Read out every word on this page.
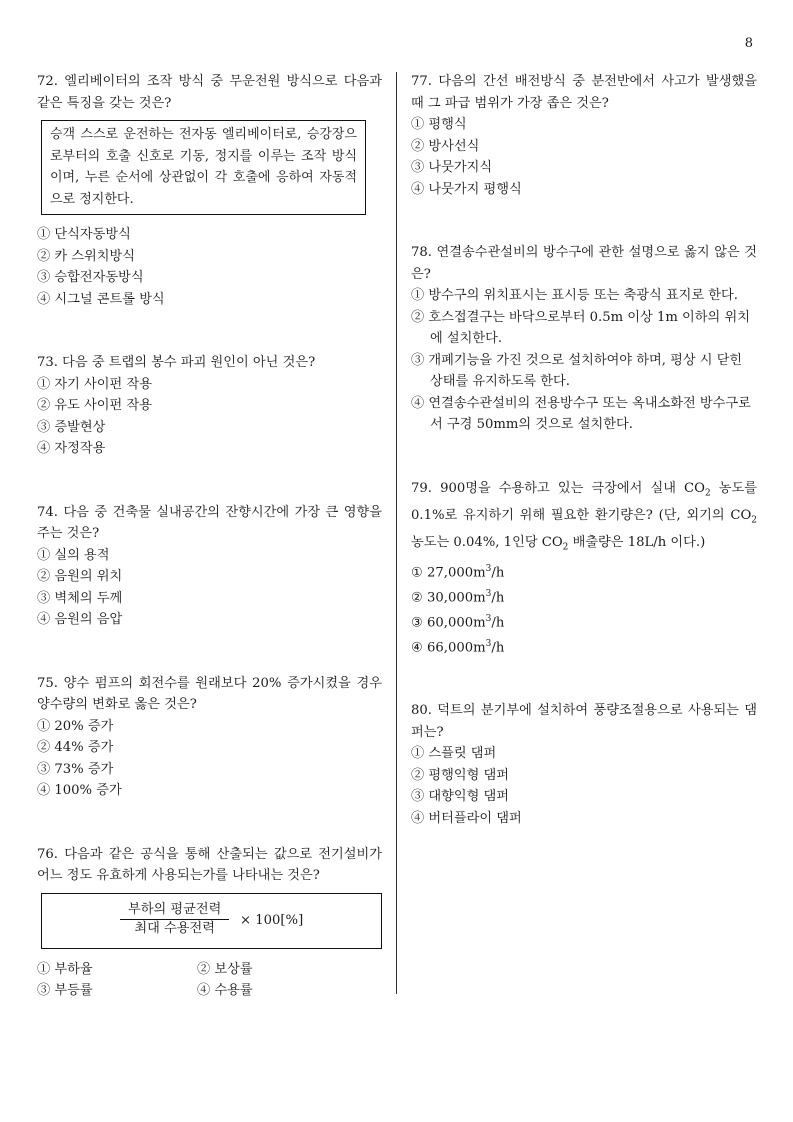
8
72. 엘리베이터의 조작 방식 중 무운전원 방식으로 다음과 같은 특징을 갖는 것은?
승객 스스로 운전하는 전자동 엘리베이터로, 승강장으로부터의 호출 신호로 기동, 정지를 이루는 조작 방식이며, 누른 순서에 상관없이 각 호출에 응하여 자동적으로 정지한다.
① 단식자동방식
② 카 스위치방식
③ 승합전자동방식
④ 시그널 콘트롤 방식
73. 다음 중 트랩의 봉수 파괴 원인이 아닌 것은?
① 자기 사이펀 작용
② 유도 사이펀 작용
③ 증발현상
④ 자정작용
74. 다음 중 건축물 실내공간의 잔향시간에 가장 큰 영향을 주는 것은?
① 실의 용적
② 음원의 위치
③ 벽체의 두께
④ 음원의 음압
75. 양수 펌프의 회전수를 원래보다 20% 증가시켰을 경우 양수량의 변화로 옳은 것은?
① 20% 증가
② 44% 증가
③ 73% 증가
④ 100% 증가
76. 다음과 같은 공식을 통해 산출되는 값으로 전기설비가 어느 정도 유효하게 사용되는가를 나타내는 것은?
부하의 평균전력
최대 수용전력
× 100[%]
① 부하율	② 보상률
③ 부등률	④ 수용률
77. 다음의 간선 배전방식 중 분전반에서 사고가 발생했을 때 그 파급 범위가 가장 좁은 것은?
① 평행식
② 방사선식
③ 나뭇가지식
④ 나뭇가지 평행식
78. 연결송수관설비의 방수구에 관한 설명으로 옳지 않은 것은?
① 방수구의 위치표시는 표시등 또는 축광식 표지로 한다.
② 호스접결구는 바닥으로부터 0.5m 이상 1m 이하의 위치에 설치한다.
③ 개폐기능을 가진 것으로 설치하여야 하며, 평상 시 닫힌 상태를 유지하도록 한다.
④ 연결송수관설비의 전용방수구 또는 옥내소화전 방수구로서 구경 50mm의 것으로 설치한다.
79. 900명을 수용하고 있는 극장에서 실내 $CO_2$ 농도를 0.1%로 유지하기 위해 필요한 환기량은? (단, 외기의 $CO_2$ 농도는 0.04%, 1인당 $CO_2$ 배출량은 18L/h 이다.)
① $27,000m^3/h$
② $30,000m^3/h$
③ $60,000m^3/h$
④ $66,000m^3/h$
80. 덕트의 분기부에 설치하여 풍량조절용으로 사용되는 댐퍼는?
① 스플릿 댐퍼
② 평행익형 댐퍼
③ 대향익형 댐퍼
④ 버터플라이 댐퍼
